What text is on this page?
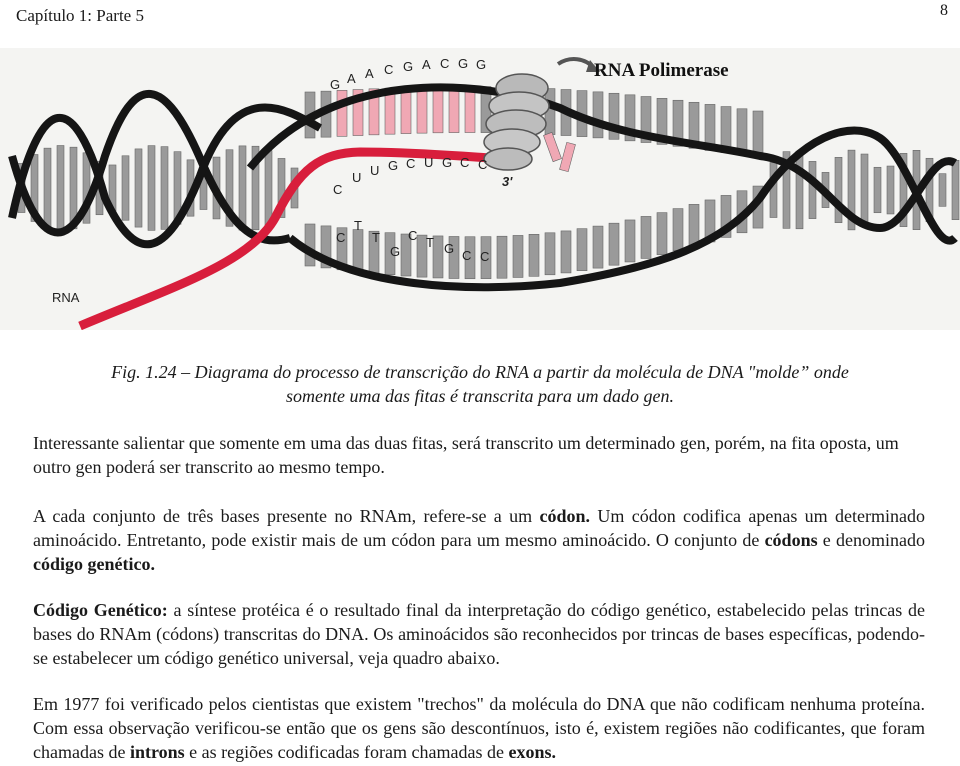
Capítulo 1: Parte 5	8
RNA Polimerase
G A A C G A C G G
C
U U G C U G C C
3'
C
T
T
G
C T G C C
RNA
Fig. 1.24 – Diagrama do processo de transcrição do RNA a partir da molécula de DNA "molde” onde
somente uma das fitas é transcrita para um dado gen.

Interessante salientar que somente em uma das duas fitas, será transcrito um determinado gen, porém, na fita oposta, um outro gen poderá ser transcrito ao mesmo tempo.

A cada conjunto de três bases presente no RNAm, refere-se a um códon. Um códon codifica apenas um determinado aminoácido. Entretanto, pode existir mais de um códon para um mesmo aminoácido. O conjunto de códons e denominado código genético.

Código Genético: a síntese protéica é o resultado final da interpretação do código genético, estabelecido pelas trincas de bases do RNAm (códons) transcritas do DNA. Os aminoácidos são reconhecidos por trincas de bases específicas, podendo-se estabelecer um código genético universal, veja quadro abaixo.

Em 1977 foi verificado pelos cientistas que existem "trechos" da molécula do DNA que não codificam nenhuma proteína. Com essa observação verificou-se então que os gens são descontínuos, isto é, existem regiões não codificantes, que foram chamadas de introns e as regiões codificadas foram chamadas de exons.
